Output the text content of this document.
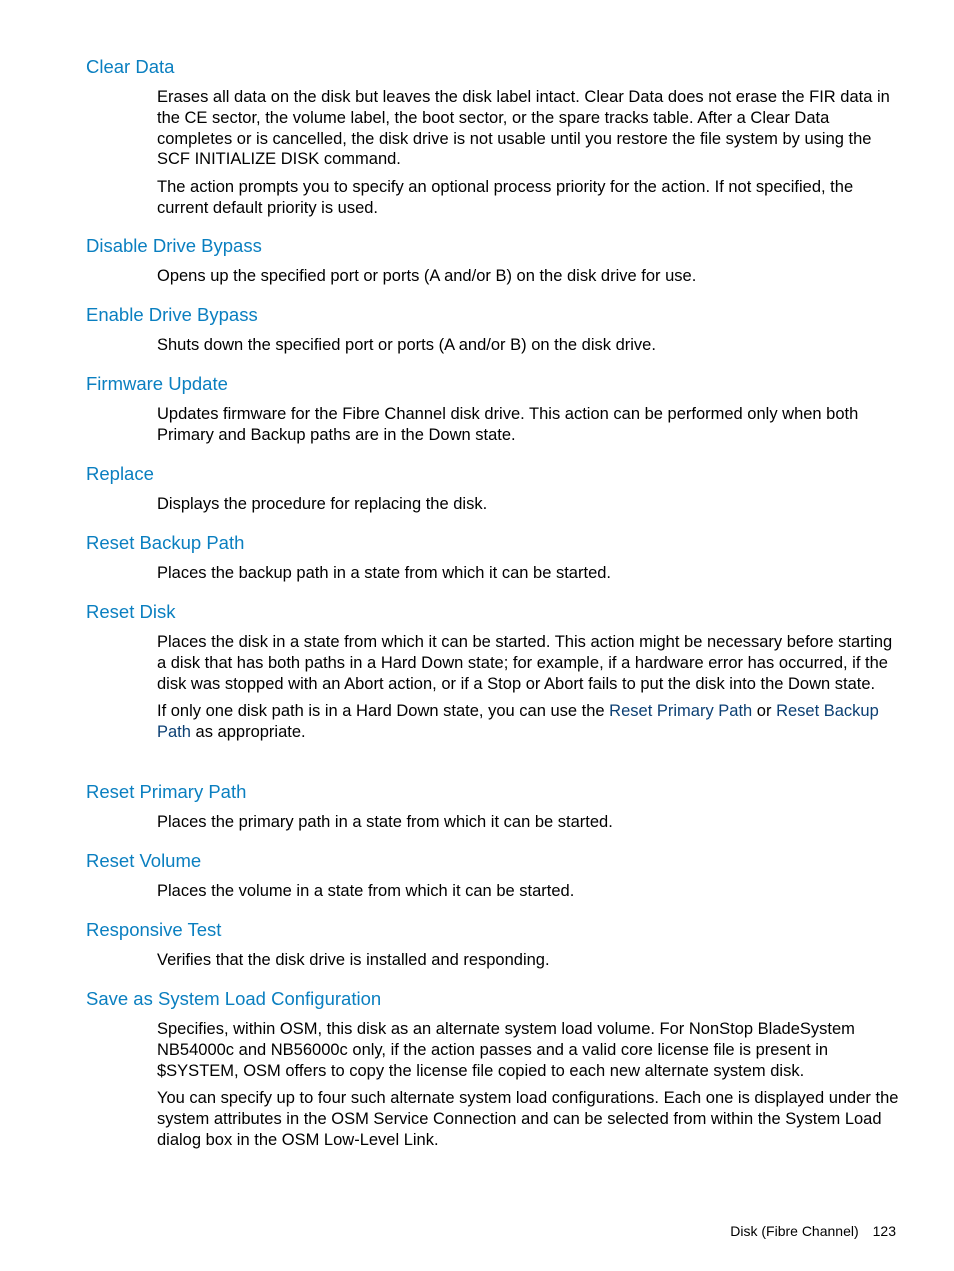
Clear Data

Erases all data on the disk but leaves the disk label intact. Clear Data does not erase the FIR data in the CE sector, the volume label, the boot sector, or the spare tracks table. After a Clear Data completes or is cancelled, the disk drive is not usable until you restore the file system by using the SCF INITIALIZE DISK command.

The action prompts you to specify an optional process priority for the action. If not specified, the current default priority is used.

Disable Drive Bypass

Opens up the specified port or ports (A and/or B) on the disk drive for use.

Enable Drive Bypass

Shuts down the specified port or ports (A and/or B) on the disk drive.

Firmware Update

Updates firmware for the Fibre Channel disk drive. This action can be performed only when both Primary and Backup paths are in the Down state.

Replace

Displays the procedure for replacing the disk.

Reset Backup Path

Places the backup path in a state from which it can be started.

Reset Disk

Places the disk in a state from which it can be started. This action might be necessary before starting a disk that has both paths in a Hard Down state; for example, if a hardware error has occurred, if the disk was stopped with an Abort action, or if a Stop or Abort fails to put the disk into the Down state.

If only one disk path is in a Hard Down state, you can use the Reset Primary Path or Reset Backup Path as appropriate.

Reset Primary Path

Places the primary path in a state from which it can be started.

Reset Volume

Places the volume in a state from which it can be started.

Responsive Test

Verifies that the disk drive is installed and responding.

Save as System Load Configuration

Specifies, within OSM, this disk as an alternate system load volume. For NonStop BladeSystem NB54000c and NB56000c only, if the action passes and a valid core license file is present in $SYSTEM, OSM offers to copy the license file copied to each new alternate system disk.

You can specify up to four such alternate system load configurations. Each one is displayed under the system attributes in the OSM Service Connection and can be selected from within the System Load dialog box in the OSM Low-Level Link.

Disk (Fibre Channel) 123
